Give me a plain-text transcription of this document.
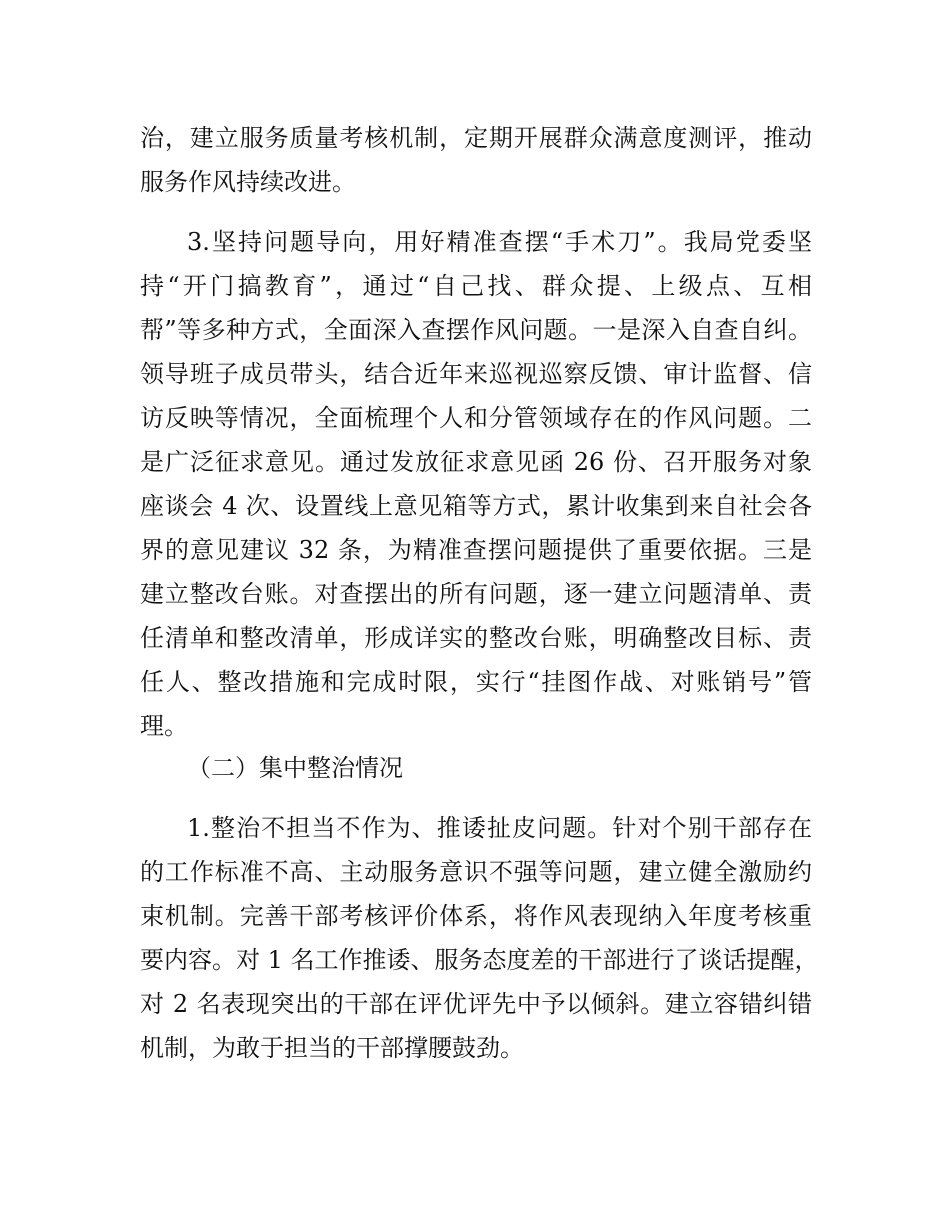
治，建立服务质量考核机制，定期开展群众满意度测评，推动
服务作风持续改进。
3.坚持问题导向，用好精准查摆“手术刀”。我局党委坚
持“开门搞教育”，通过“自己找、群众提、上级点、互相
帮”等多种方式，全面深入查摆作风问题。一是深入自查自纠。
领导班子成员带头，结合近年来巡视巡察反馈、审计监督、信
访反映等情况，全面梳理个人和分管领域存在的作风问题。二
是广泛征求意见。通过发放征求意见函 26 份、召开服务对象
座谈会 4 次、设置线上意见箱等方式，累计收集到来自社会各
界的意见建议 32 条，为精准查摆问题提供了重要依据。三是
建立整改台账。对查摆出的所有问题，逐一建立问题清单、责
任清单和整改清单，形成详实的整改台账，明确整改目标、责
任人、整改措施和完成时限，实行“挂图作战、对账销号”管
理。
（二）集中整治情况
1.整治不担当不作为、推诿扯皮问题。针对个别干部存在
的工作标准不高、主动服务意识不强等问题，建立健全激励约
束机制。完善干部考核评价体系，将作风表现纳入年度考核重
要内容。对 1 名工作推诿、服务态度差的干部进行了谈话提醒，
对 2 名表现突出的干部在评优评先中予以倾斜。建立容错纠错
机制，为敢于担当的干部撑腰鼓劲。
